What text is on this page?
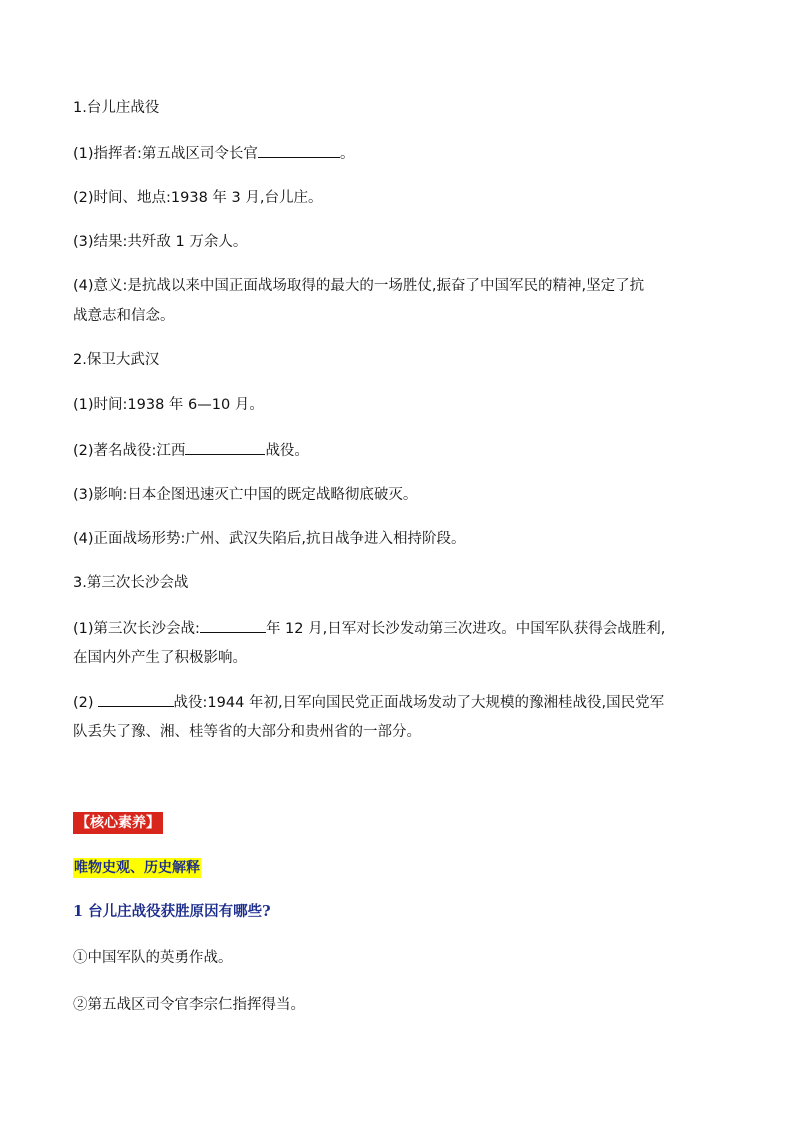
1.台儿庄战役
(1)指挥者:第五战区司令长官	。
(2)时间、地点:1938 年 3 月,台儿庄。
(3)结果:共歼敌 1 万余人。
(4)意义:是抗战以来中国正面战场取得的最大的一场胜仗,振奋了中国军民的精神,坚定了抗
战意志和信念。
2.保卫大武汉
(1)时间:1938 年 6—10 月。
(2)著名战役:江西	战役。
(3)影响:日本企图迅速灭亡中国的既定战略彻底破灭。
(4)正面战场形势:广州、武汉失陷后,抗日战争进入相持阶段。
3.第三次长沙会战
(1)第三次长沙会战:	年 12 月,日军对长沙发动第三次进攻。中国军队获得会战胜利,
在国内外产生了积极影响。
(2)	战役:1944 年初,日军向国民党正面战场发动了大规模的豫湘桂战役,国民党军
队丢失了豫、湘、桂等省的大部分和贵州省的一部分。
【核心素养】
唯物史观、历史解释
1 台儿庄战役获胜原因有哪些?
①中国军队的英勇作战。
②第五战区司令官李宗仁指挥得当。
